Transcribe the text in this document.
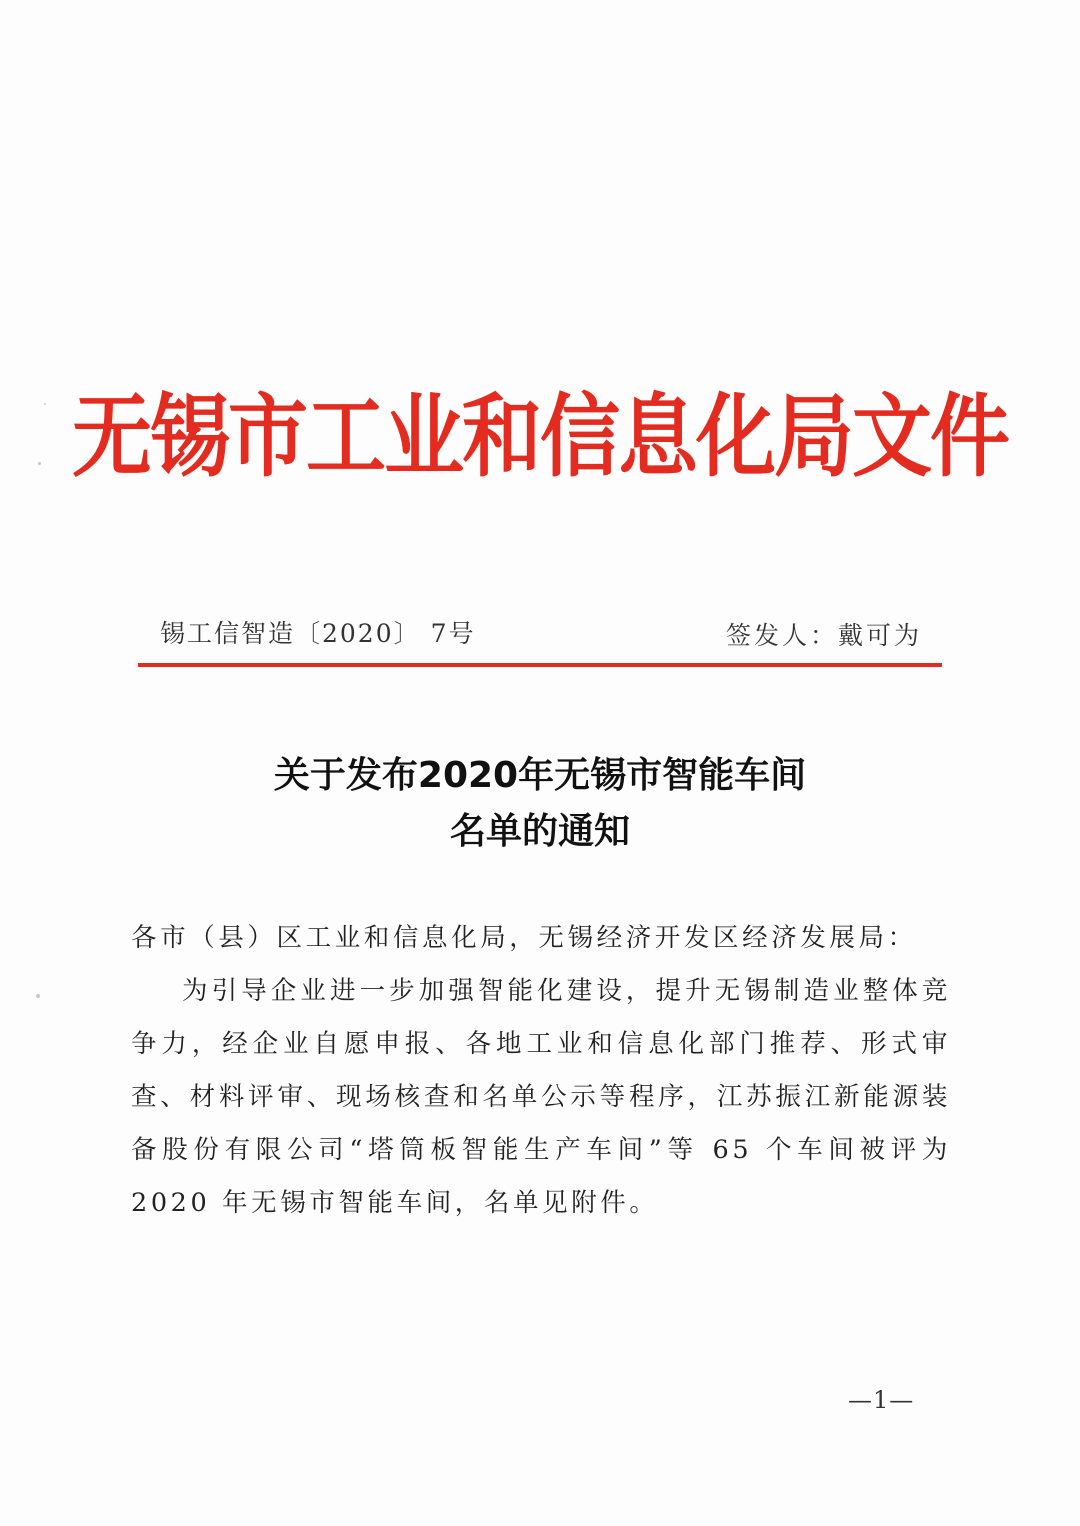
无锡市工业和信息化局文件
锡工信智造〔2020〕 7号	签发人：戴可为
关于发布2020年无锡市智能车间
名单的通知
各市（县）区工业和信息化局，无锡经济开发区经济发展局：
为引导企业进一步加强智能化建设，提升无锡制造业整体竞争力，经企业自愿申报、各地工业和信息化部门推荐、形式审查、材料评审、现场核查和名单公示等程序，江苏振江新能源装备股份有限公司“塔筒板智能生产车间”等 65 个车间被评为 2020 年无锡市智能车间，名单见附件。
—1—
